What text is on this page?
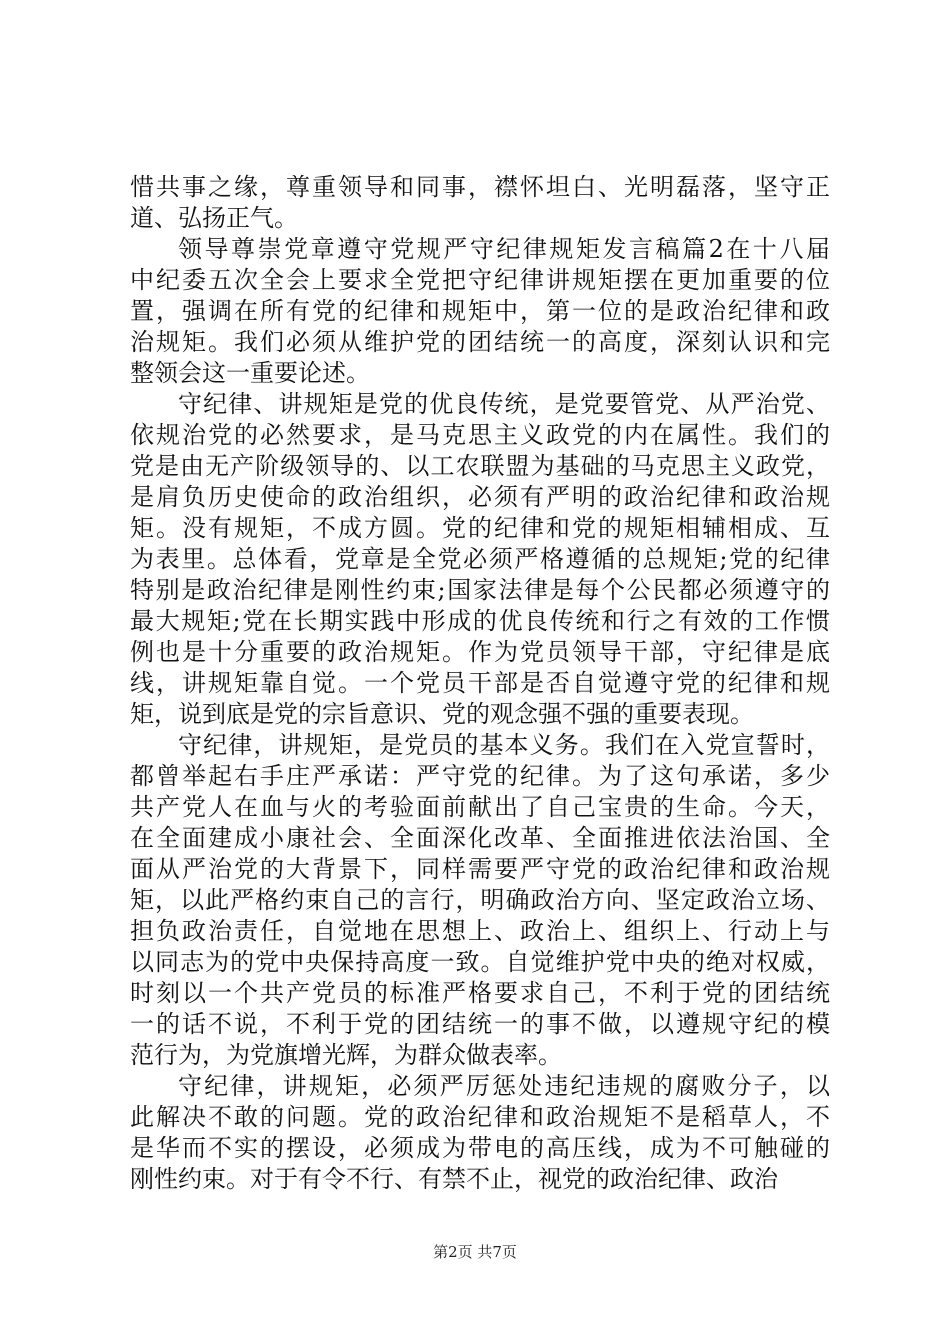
惜共事之缘，尊重领导和同事，襟怀坦白、光明磊落，坚守正
道、弘扬正气。
领导尊崇党章遵守党规严守纪律规矩发言稿篇2在十八届
中纪委五次全会上要求全党把守纪律讲规矩摆在更加重要的位
置，强调在所有党的纪律和规矩中，第一位的是政治纪律和政
治规矩。我们必须从维护党的团结统一的高度，深刻认识和完
整领会这一重要论述。
守纪律、讲规矩是党的优良传统，是党要管党、从严治党、
依规治党的必然要求，是马克思主义政党的内在属性。我们的
党是由无产阶级领导的、以工农联盟为基础的马克思主义政党，
是肩负历史使命的政治组织，必须有严明的政治纪律和政治规
矩。没有规矩，不成方圆。党的纪律和党的规矩相辅相成、互
为表里。总体看，党章是全党必须严格遵循的总规矩;党的纪律
特别是政治纪律是刚性约束;国家法律是每个公民都必须遵守的
最大规矩;党在长期实践中形成的优良传统和行之有效的工作惯
例也是十分重要的政治规矩。作为党员领导干部，守纪律是底
线，讲规矩靠自觉。一个党员干部是否自觉遵守党的纪律和规
矩，说到底是党的宗旨意识、党的观念强不强的重要表现。
守纪律，讲规矩，是党员的基本义务。我们在入党宣誓时，
都曾举起右手庄严承诺：严守党的纪律。为了这句承诺，多少
共产党人在血与火的考验面前献出了自己宝贵的生命。今天，
在全面建成小康社会、全面深化改革、全面推进依法治国、全
面从严治党的大背景下，同样需要严守党的政治纪律和政治规
矩，以此严格约束自己的言行，明确政治方向、坚定政治立场、
担负政治责任，自觉地在思想上、政治上、组织上、行动上与
以同志为的党中央保持高度一致。自觉维护党中央的绝对权威，
时刻以一个共产党员的标准严格要求自己，不利于党的团结统
一的话不说，不利于党的团结统一的事不做，以遵规守纪的模
范行为，为党旗增光辉，为群众做表率。
守纪律，讲规矩，必须严厉惩处违纪违规的腐败分子，以
此解决不敢的问题。党的政治纪律和政治规矩不是稻草人，不
是华而不实的摆设，必须成为带电的高压线，成为不可触碰的
刚性约束。对于有令不行、有禁不止，视党的政治纪律、政治
第2页 共7页
